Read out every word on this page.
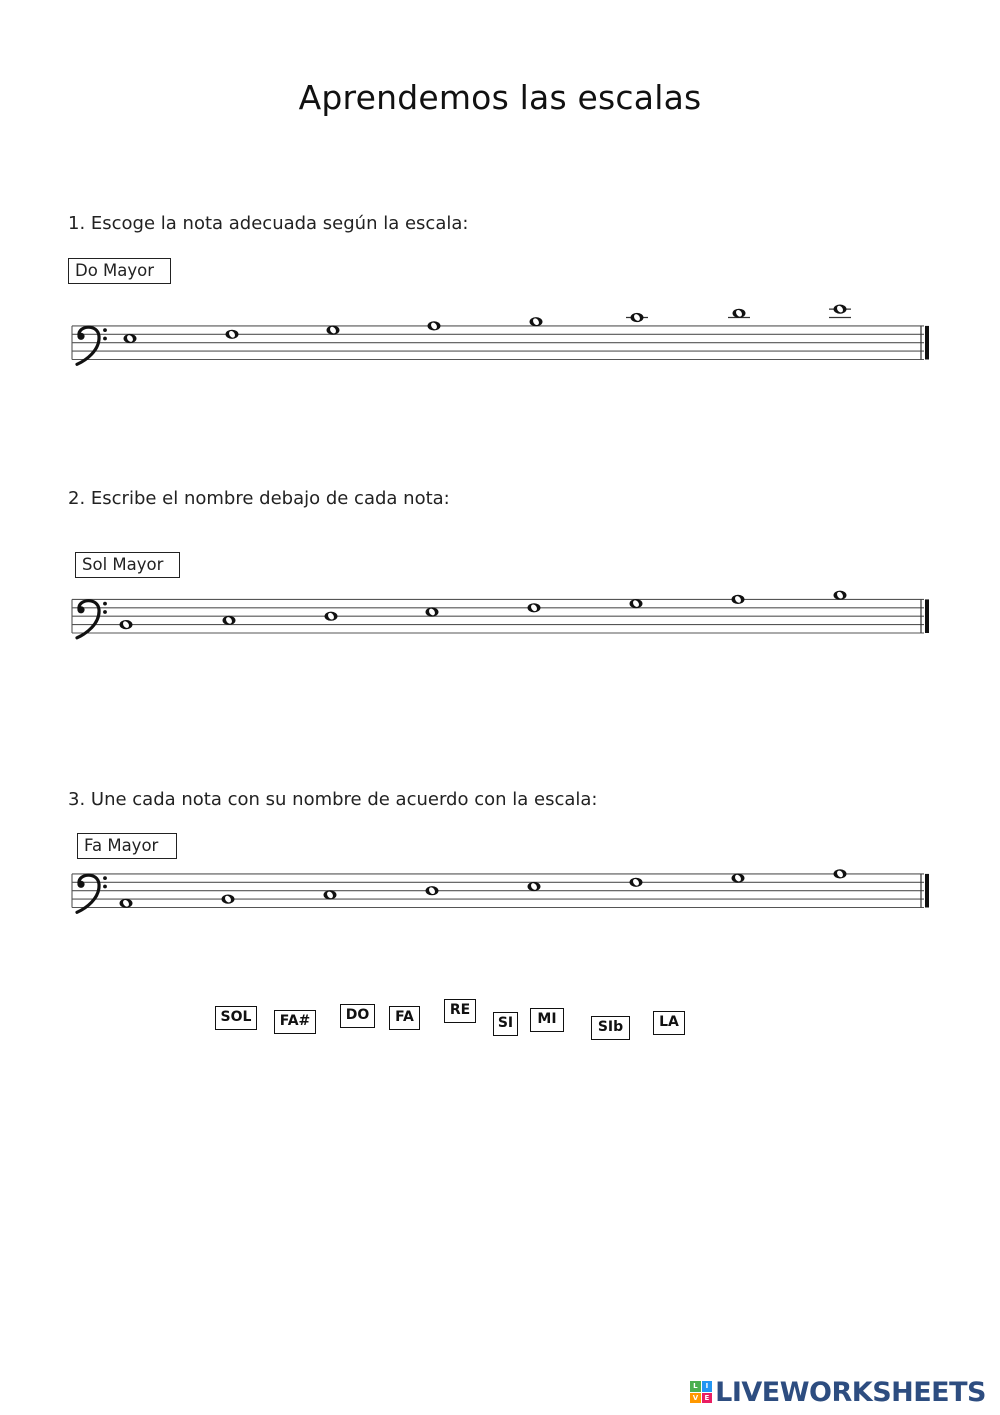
Aprendemos las escalas
1. Escoge la nota adecuada según la escala:
Do Mayor
2. Escribe el nombre debajo de cada nota:
Sol Mayor
3. Une cada nota con su nombre de acuerdo con la escala:
Fa Mayor
SOL	FA#	DO	FA	RE
SI	MI	SIb	LA
L	I
V E LIVEWORKSHEETS
